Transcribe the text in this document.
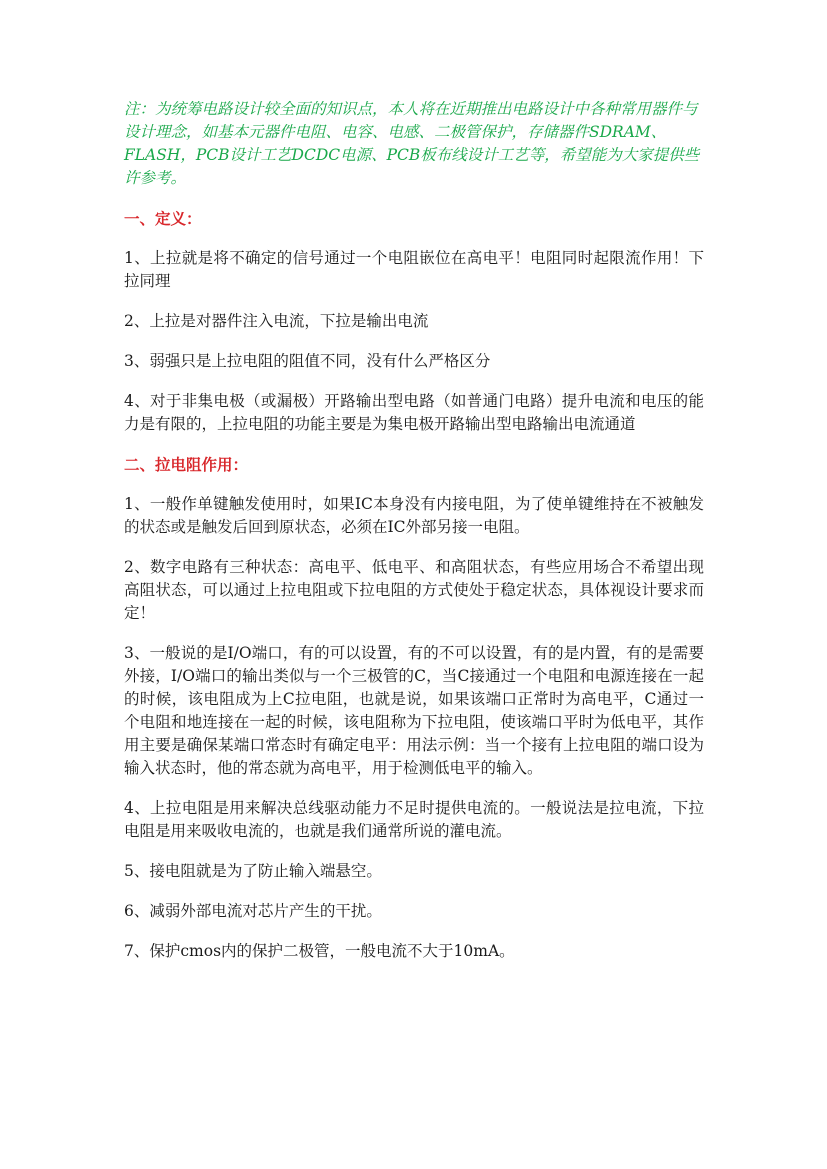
注：为统筹电路设计较全面的知识点，本人将在近期推出电路设计中各种常用器件与设计理念，如基本元器件电阻、电容、电感、二极管保护，存储器件SDRAM、FLASH，PCB设计工艺DCDC电源、PCB板布线设计工艺等，希望能为大家提供些许参考。

一、定义：

1、上拉就是将不确定的信号通过一个电阻嵌位在高电平！电阻同时起限流作用！下拉同理

2、上拉是对器件注入电流，下拉是输出电流

3、弱强只是上拉电阻的阻值不同，没有什么严格区分

4、对于非集电极（或漏极）开路输出型电路（如普通门电路）提升电流和电压的能力是有限的，上拉电阻的功能主要是为集电极开路输出型电路输出电流通道

二、拉电阻作用：

1、一般作单键触发使用时，如果IC本身没有内接电阻，为了使单键维持在不被触发的状态或是触发后回到原状态，必须在IC外部另接一电阻。

2、数字电路有三种状态：高电平、低电平、和高阻状态，有些应用场合不希望出现高阻状态，可以通过上拉电阻或下拉电阻的方式使处于稳定状态，具体视设计要求而定！

3、一般说的是I/O端口，有的可以设置，有的不可以设置，有的是内置，有的是需要外接，I/O端口的输出类似与一个三极管的C，当C接通过一个电阻和电源连接在一起的时候，该电阻成为上C拉电阻，也就是说，如果该端口正常时为高电平，C通过一个电阻和地连接在一起的时候，该电阻称为下拉电阻，使该端口平时为低电平，其作用主要是确保某端口常态时有确定电平：用法示例：当一个接有上拉电阻的端口设为输入状态时，他的常态就为高电平，用于检测低电平的输入。

4、上拉电阻是用来解决总线驱动能力不足时提供电流的。一般说法是拉电流，下拉电阻是用来吸收电流的，也就是我们通常所说的灌电流。

5、接电阻就是为了防止输入端悬空。

6、减弱外部电流对芯片产生的干扰。

7、保护cmos内的保护二极管，一般电流不大于10mA。
